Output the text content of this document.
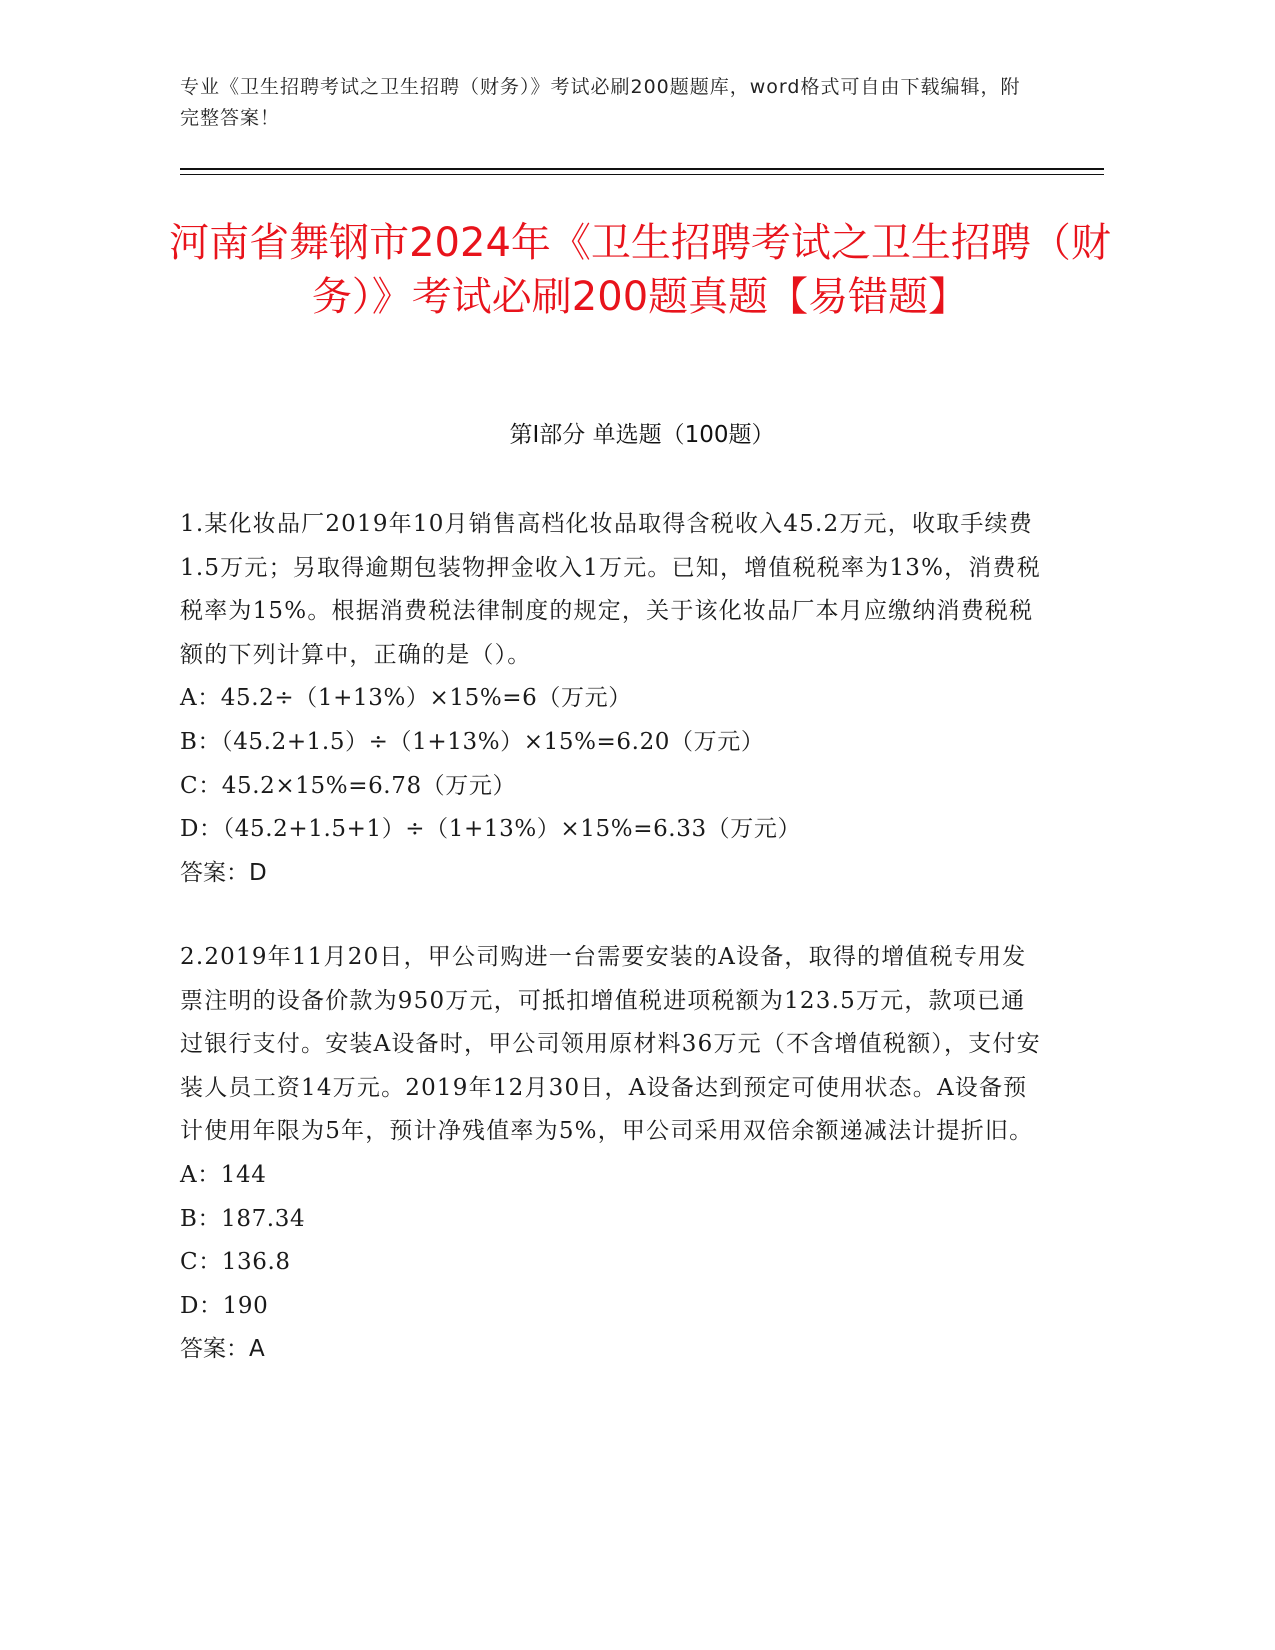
专业《卫生招聘考试之卫生招聘（财务）》考试必刷200题题库，word格式可自由下载编辑，附完整答案！
河南省舞钢市2024年《卫生招聘考试之卫生招聘（财务）》考试必刷200题真题【易错题】
第Ⅰ部分 单选题（100题）

1.某化妆品厂2019年10月销售高档化妆品取得含税收入45.2万元，收取手续费1.5万元；另取得逾期包装物押金收入1万元。已知，增值税税率为13%，消费税税率为15%。根据消费税法律制度的规定，关于该化妆品厂本月应缴纳消费税税额的下列计算中，正确的是（）。

A：45.2÷（1+13%）×15%=6（万元）

B：（45.2+1.5）÷（1+13%）×15%=6.20（万元）

C：45.2×15%=6.78（万元）

D：（45.2+1.5+1）÷（1+13%）×15%=6.33（万元）

答案：D

2.2019年11月20日，甲公司购进一台需要安装的A设备，取得的增值税专用发票注明的设备价款为950万元，可抵扣增值税进项税额为123.5万元，款项已通过银行支付。安装A设备时，甲公司领用原材料36万元（不含增值税额），支付安装人员工资14万元。2019年12月30日，A设备达到预定可使用状态。A设备预计使用年限为5年，预计净残值率为5%，甲公司采用双倍余额递减法计提折旧。

A：144

B：187.34

C：136.8

D：190

答案：A
